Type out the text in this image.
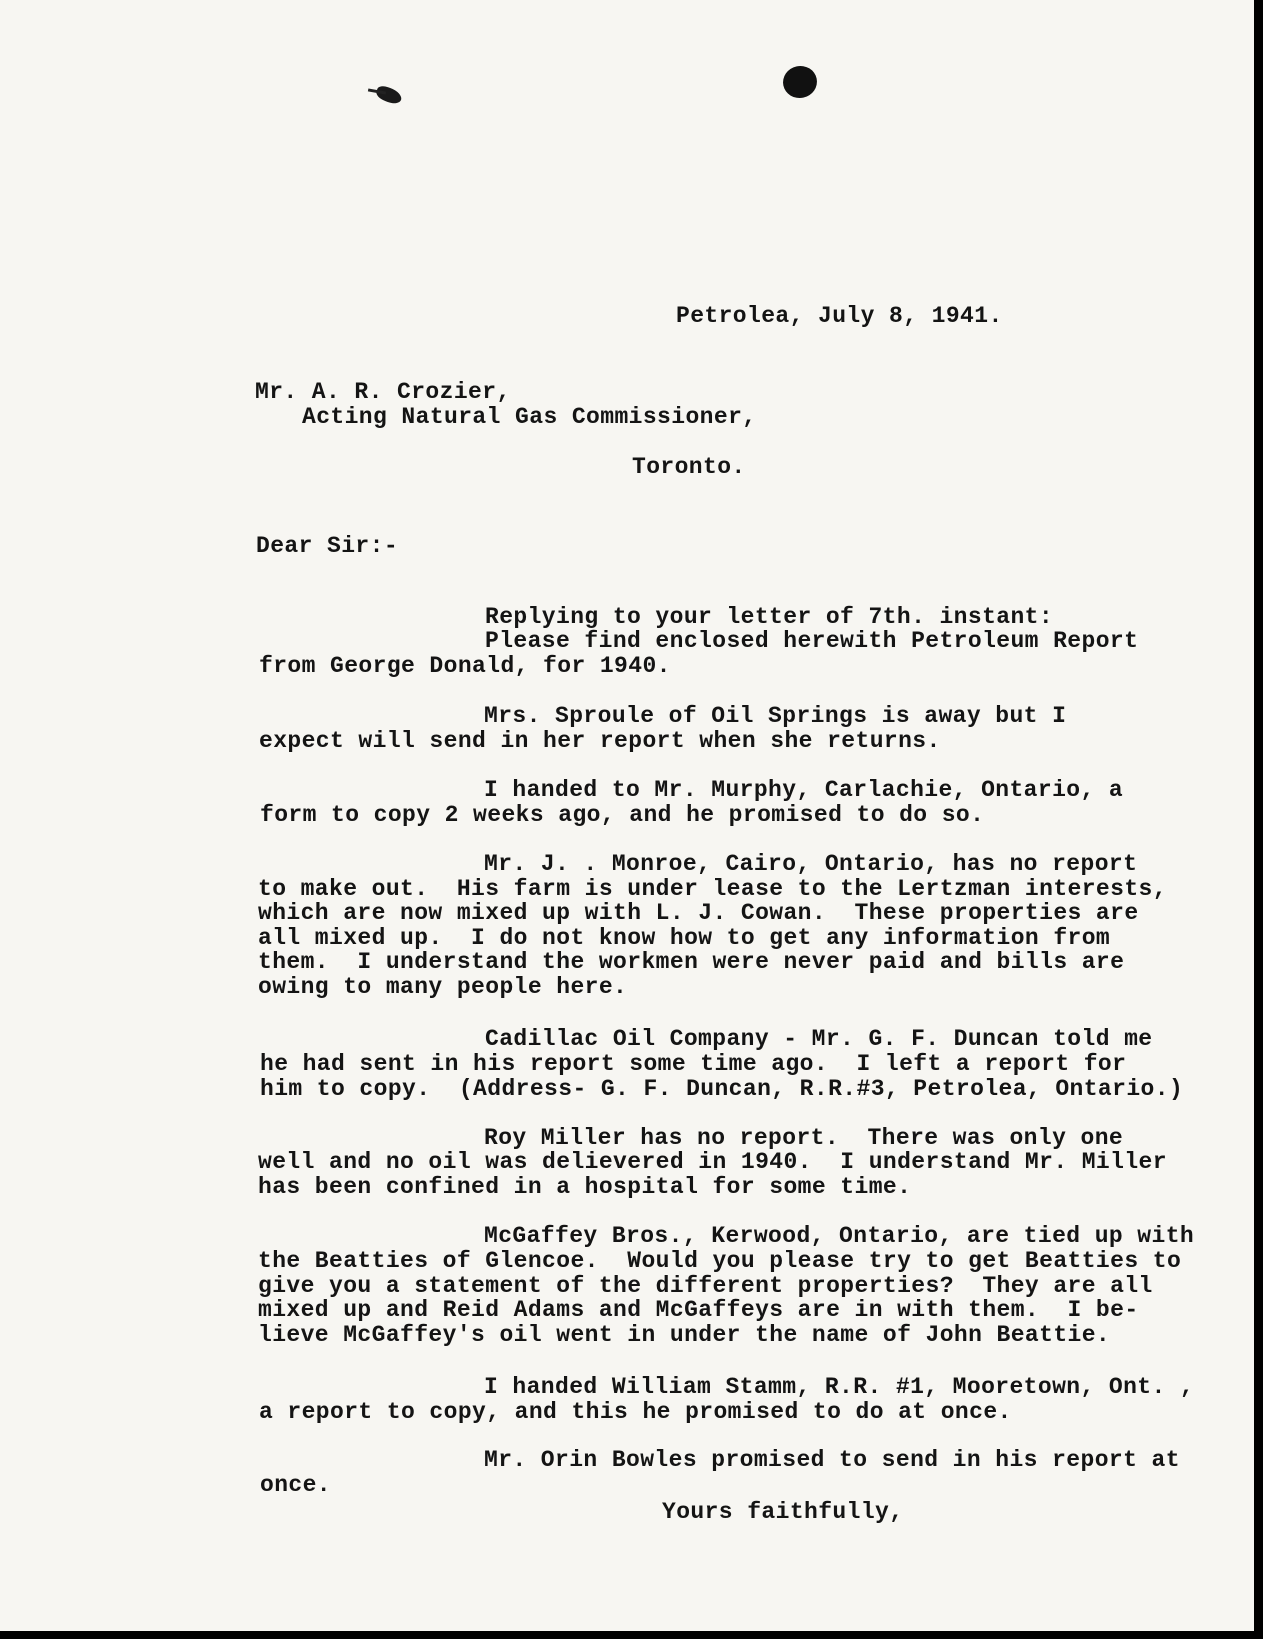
Petrolea, July 8, 1941.
Mr. A. R. Crozier,
Acting Natural Gas Commissioner,
Toronto.
Dear Sir:-
Replying to your letter of 7th. instant:
Please find enclosed herewith Petroleum Report
from George Donald, for 1940.
Mrs. Sproule of Oil Springs is away but I
expect will send in her report when she returns.
I handed to Mr. Murphy, Carlachie, Ontario, a
form to copy 2 weeks ago, and he promised to do so.
Mr. J. . Monroe, Cairo, Ontario, has no report
to make out.  His farm is under lease to the Lertzman interests,
which are now mixed up with L. J. Cowan.  These properties are
all mixed up.  I do not know how to get any information from
them.  I understand the workmen were never paid and bills are
owing to many people here.
Cadillac Oil Company - Mr. G. F. Duncan told me
he had sent in his report some time ago.  I left a report for
him to copy.  (Address- G. F. Duncan, R.R.#3, Petrolea, Ontario.)
Roy Miller has no report.  There was only one
well and no oil was delievered in 1940.  I understand Mr. Miller
has been confined in a hospital for some time.
McGaffey Bros., Kerwood, Ontario, are tied up with
the Beatties of Glencoe.  Would you please try to get Beatties to
give you a statement of the different properties?  They are all
mixed up and Reid Adams and McGaffeys are in with them.  I be-
lieve McGaffey's oil went in under the name of John Beattie.
I handed William Stamm, R.R. #1, Mooretown, Ont. ,
a report to copy, and this he promised to do at once.
Mr. Orin Bowles promised to send in his report at
once.
Yours faithfully,
